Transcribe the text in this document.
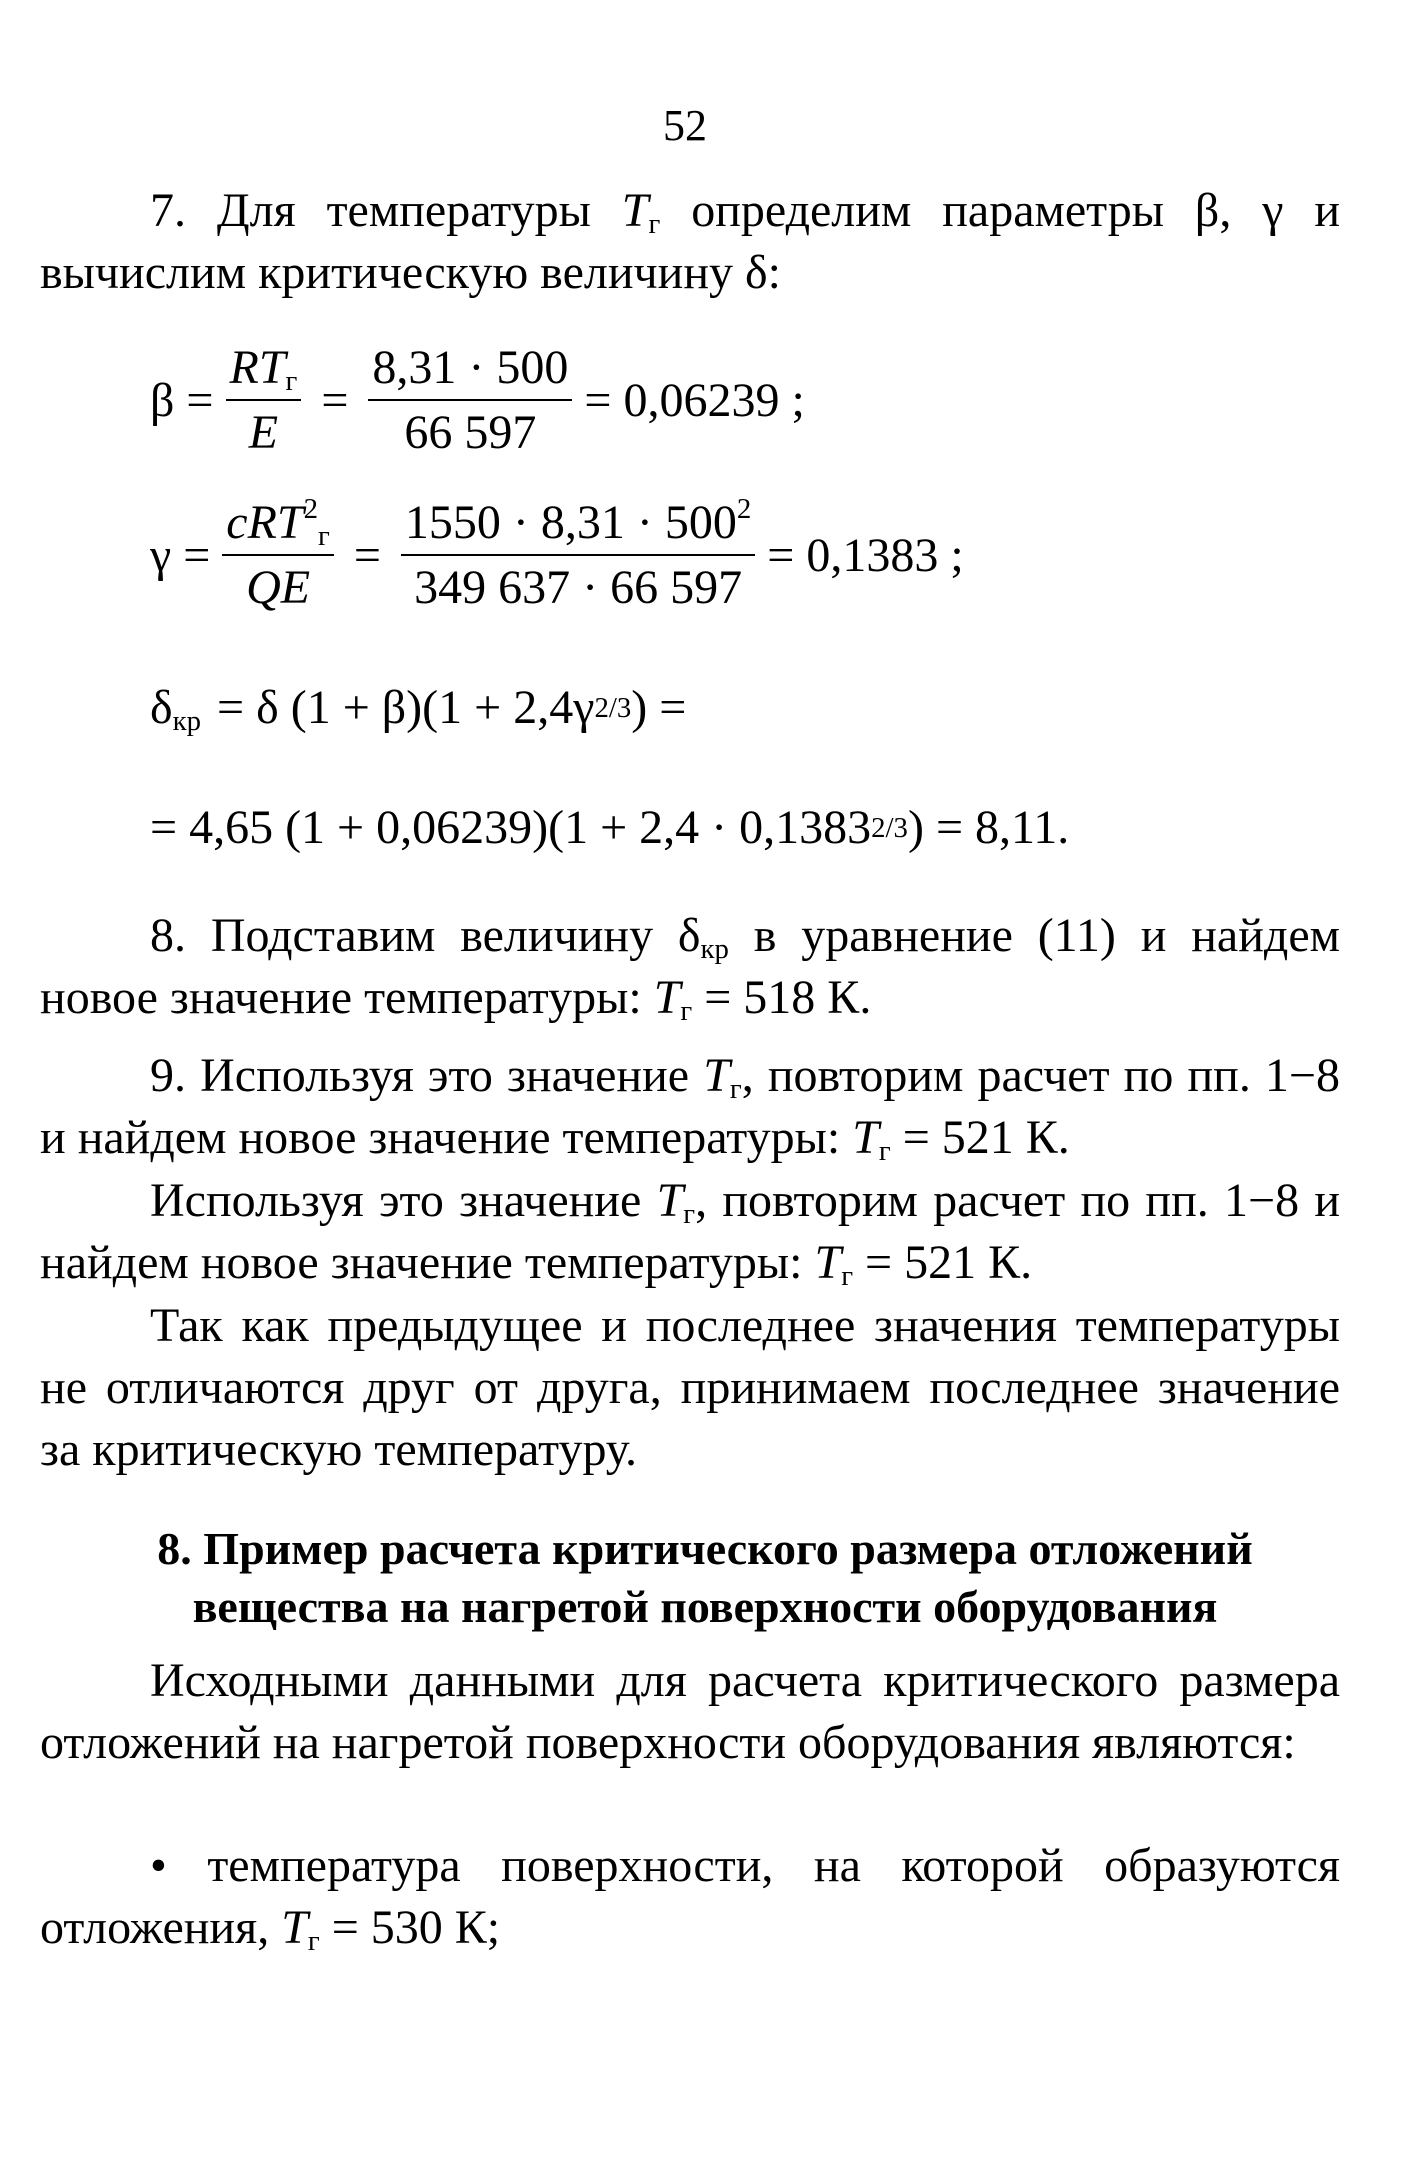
52

7. Для температуры $T_г$ определим параметры β, γ и вычислим критическую величину δ:

$\beta = \frac{RT_г}{E} = \frac{8,31 \cdot 500}{66 597} = 0,06239$ ;
$\gamma = \frac{cRT^2_г}{QE} = \frac{1550 \cdot 8,31 \cdot 500^2}{349 637 \cdot 66 597} = 0,1383$ ;
$\delta_{кр} = \delta$ (1 + β)(1 + 2,4γ 2/3 ) =
= 4,65 (1 + 0,06239)(1 + 2,4 · 0,1383 2/3 ) = 8,11.

8. Подставим величину $\delta_{кр}$ в уравнение (11) и найдем новое значение температуры: $T_г = 518$ К.

9. Используя это значение $T_г$, повторим расчет по пп. 1−8 и найдем новое значение температуры: $T_г = 521$ К.

Используя это значение $T_г$, повторим расчет по пп. 1−8 и найдем новое значение температуры: $T_г = 521$ К.

Так как предыдущее и последнее значения температуры не отличаются друг от друга, принимаем последнее значение за критическую температуру.

8. Пример расчета критического размера отложений
вещества на нагретой поверхности оборудования

Исходными данными для расчета критического размера отложений на нагретой поверхности оборудования являются:

• температура поверхности, на которой образуются отложения, $T_г = 530$ К;
